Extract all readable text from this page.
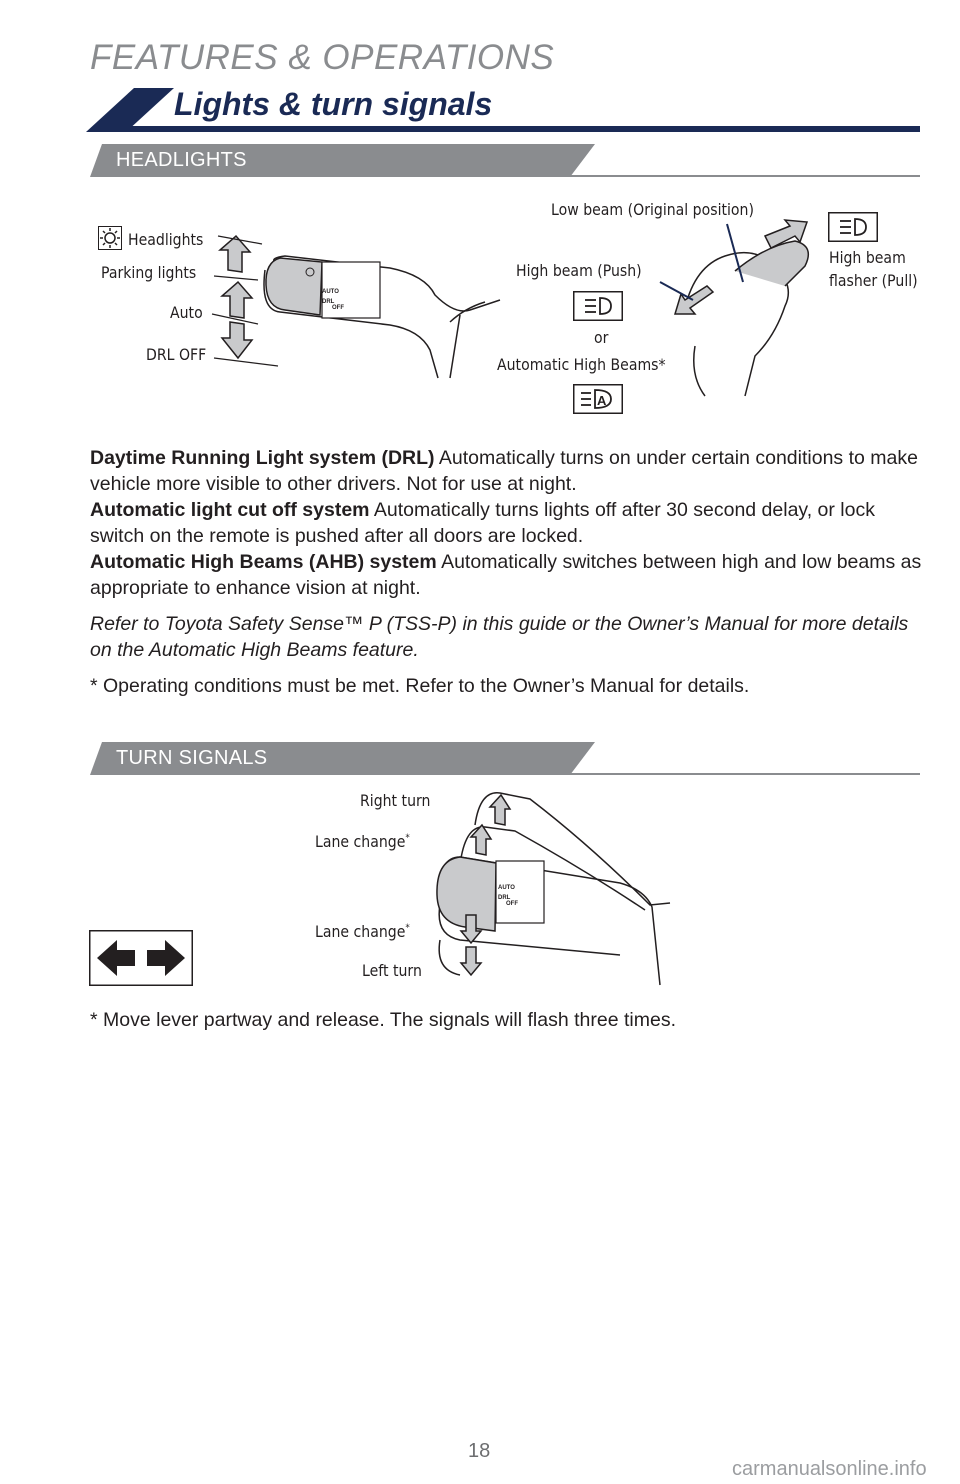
FEATURES & OPERATIONS
Lights & turn signals
HEADLIGHTS
Headlights
Parking lights
Auto
DRL OFF
AUTO
DRL
OFF
Low beam (Original position)
High beam (Push)
or
Automatic High Beams*
High beam
flasher (Pull)
A

Daytime Running Light system (DRL) Automatically turns on under certain conditions to make vehicle more visible to other drivers. Not for use at night.

Automatic light cut off system Automatically turns lights off after 30 second delay, or lock switch on the remote is pushed after all doors are locked.

Automatic High Beams (AHB) system Automatically switches between high and low beams as appropriate to enhance vision at night.

Refer to Toyota Safety Sense™ P (TSS-P) in this guide or the Owner’s Manual for more details on the Automatic High Beams feature.

* Operating conditions must be met. Refer to the Owner’s Manual for details.

TURN SIGNALS
AUTO
DRL
OFF
Right turn
Lane change*
Lane change*
Left turn
* Move lever partway and release. The signals will flash three times.
18
carmanualsonline.info
